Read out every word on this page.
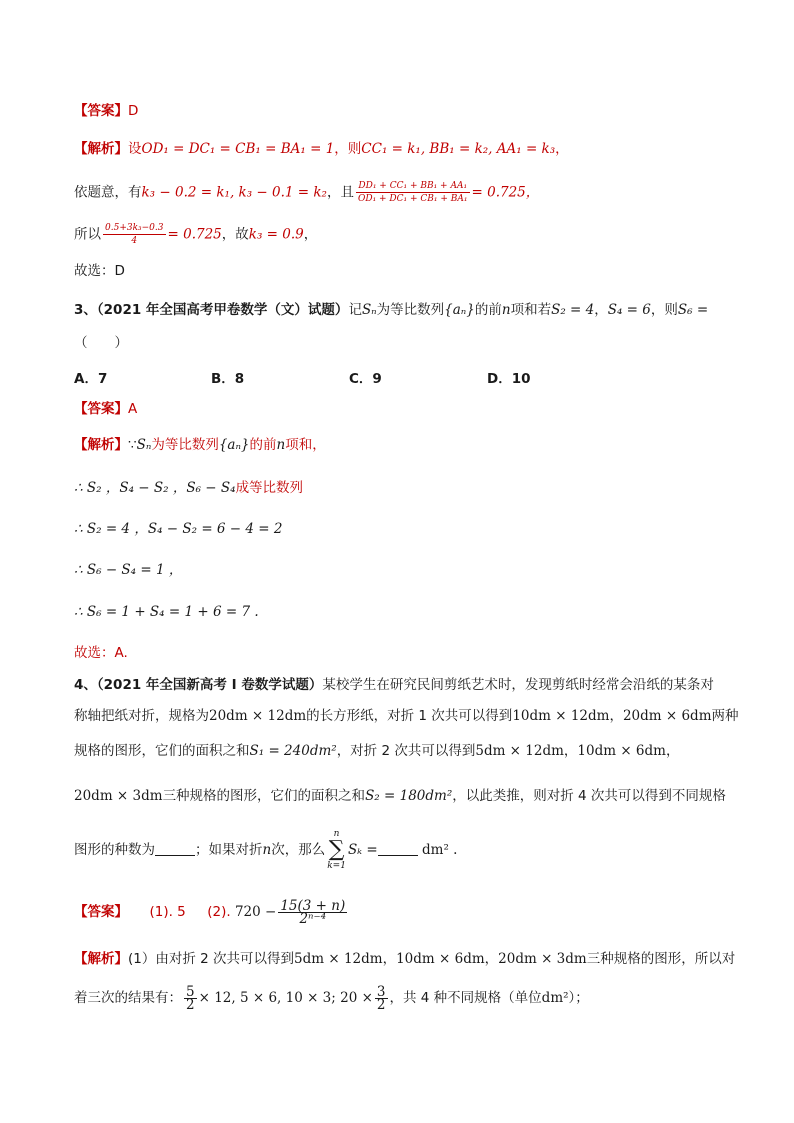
【答案】D
【解析】设OD₁ = DC₁ = CB₁ = BA₁ = 1，则CC₁ = k₁, BB₁ = k₂, AA₁ = k₃，
依题意，有k₃ − 0.2 = k₁, k₃ − 0.1 = k₂，且 $\frac{\text{DD₁ + CC₁ + BB₁ + AA₁}}{\text{OD₁ + DC₁ + CB₁ + BA₁}} = 0.725$，
所以 $\frac{\text{0.5+3k₃−0.3}}{4} = 0.725$，故k₃ = 0.9，
故选：D
3、（2021 年全国高考甲卷数学（文）试题）记Sₙ为等比数列{aₙ}的前n项和若S₂ = 4，S₄ = 6，则S₆ =
（　　）
A．7	B．8	C．9	D．10
【答案】A
【解析】∵Sₙ为等比数列{aₙ}的前n项和，
∴ S₂ ，S₄ − S₂ ，S₆ − S₄成等比数列
∴ S₂ = 4 ，S₄ − S₂ = 6 − 4 = 2
∴ S₆ − S₄ = 1 ，
∴ S₆ = 1 + S₄ = 1 + 6 = 7 .
故选：A.
4、（2021 年全国新高考 I 卷数学试题）某校学生在研究民间剪纸艺术时，发现剪纸时经常会沿纸的某条对
称轴把纸对折，规格为20dm × 12dm的长方形纸，对折 1 次共可以得到10dm × 12dm，20dm × 6dm两种
规格的图形，它们的面积之和S₁ = 240dm²，对折 2 次共可以得到5dm × 12dm，10dm × 6dm，
20dm × 3dm三种规格的图形，它们的面积之和S₂ = 180dm²，以此类推，则对折 4 次共可以得到不同规格
图形的种数为	；如果对折n次，那么
n
∑
k=1
Sₖ =	dm² .
【答案】 (1). 5 (2). $720 - \frac{15(3 + n)}{\text{2ⁿ⁻⁴}}$
【解析】(1）由对折 2 次共可以得到5dm × 12dm，10dm × 6dm，20dm × 3dm三种规格的图形，所以对
着三次的结果有： $\frac{5}{2} \times 12$, 5 × 6, 10 × 3; $20 \times \frac{3}{2}$ ，共 4 种不同规格（单位dm²）；
